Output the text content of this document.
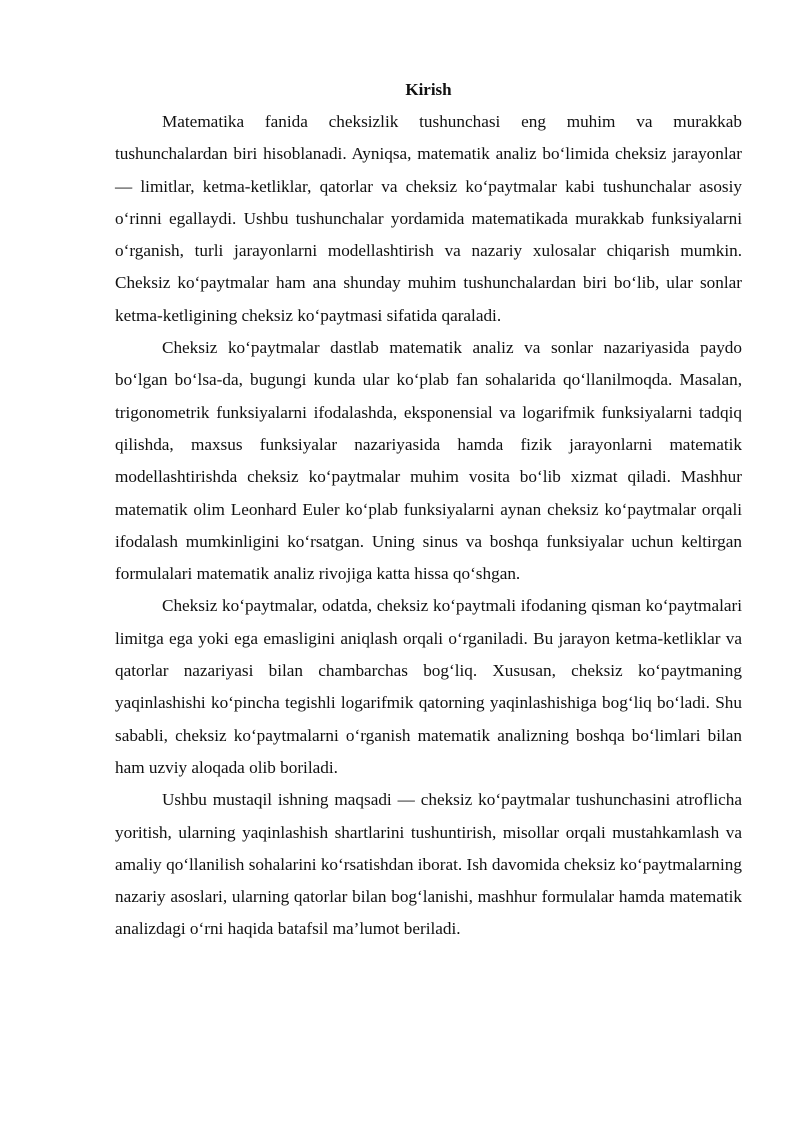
Kirish

Matematika fanida cheksizlik tushunchasi eng muhim va murakkab tushunchalardan biri hisoblanadi. Ayniqsa, matematik analiz bo‘limida cheksiz jarayonlar — limitlar, ketma-ketliklar, qatorlar va cheksiz ko‘paytmalar kabi tushunchalar asosiy o‘rinni egallaydi. Ushbu tushunchalar yordamida matematikada murakkab funksiyalarni o‘rganish, turli jarayonlarni modellashtirish va nazariy xulosalar chiqarish mumkin. Cheksiz ko‘paytmalar ham ana shunday muhim tushunchalardan biri bo‘lib, ular sonlar ketma-ketligining cheksiz ko‘paytmasi sifatida qaraladi.

Cheksiz ko‘paytmalar dastlab matematik analiz va sonlar nazariyasida paydo bo‘lgan bo‘lsa-da, bugungi kunda ular ko‘plab fan sohalarida qo‘llanilmoqda. Masalan, trigonometrik funksiyalarni ifodalashda, eksponensial va logarifmik funksiyalarni tadqiq qilishda, maxsus funksiyalar nazariyasida hamda fizik jarayonlarni matematik modellashtirishda cheksiz ko‘paytmalar muhim vosita bo‘lib xizmat qiladi. Mashhur matematik olim Leonhard Euler ko‘plab funksiyalarni aynan cheksiz ko‘paytmalar orqali ifodalash mumkinligini ko‘rsatgan. Uning sinus va boshqa funksiyalar uchun keltirgan formulalari matematik analiz rivojiga katta hissa qo‘shgan.

Cheksiz ko‘paytmalar, odatda, cheksiz ko‘paytmali ifodaning qisman ko‘paytmalari limitga ega yoki ega emasligini aniqlash orqali o‘rganiladi. Bu jarayon ketma-ketliklar va qatorlar nazariyasi bilan chambarchas bog‘liq. Xususan, cheksiz ko‘paytmaning yaqinlashishi ko‘pincha tegishli logarifmik qatorning yaqinlashishiga bog‘liq bo‘ladi. Shu sababli, cheksiz ko‘paytmalarni o‘rganish matematik analizning boshqa bo‘limlari bilan ham uzviy aloqada olib boriladi.

Ushbu mustaqil ishning maqsadi — cheksiz ko‘paytmalar tushunchasini atroflicha yoritish, ularning yaqinlashish shartlarini tushuntirish, misollar orqali mustahkamlash va amaliy qo‘llanilish sohalarini ko‘rsatishdan iborat. Ish davomida cheksiz ko‘paytmalarning nazariy asoslari, ularning qatorlar bilan bog‘lanishi, mashhur formulalar hamda matematik analizdagi o‘rni haqida batafsil ma’lumot beriladi.
